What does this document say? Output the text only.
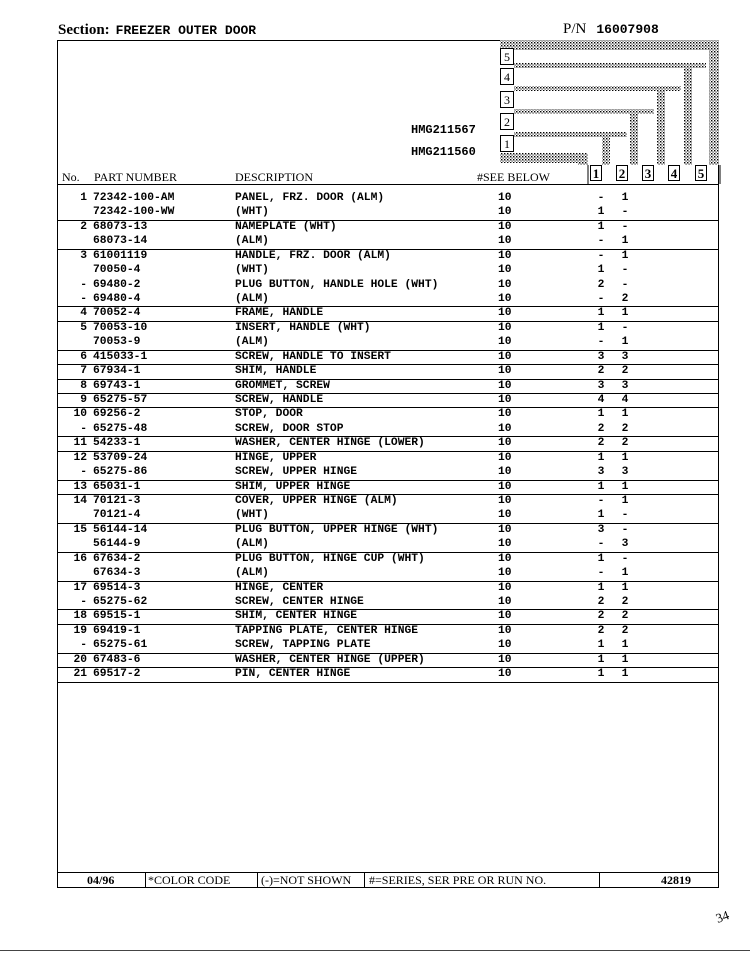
Section: FREEZER OUTER DOOR	P/N 16007908
5
4
3
2
1
HMG211567
HMG211560
1 2 3 4 5
No. PART NUMBER	DESCRIPTION	#SEE BELOW
1 72342-100-AM	PANEL, FRZ. DOOR (ALM)	10	- 1
72342-100-WW	(WHT)	10	1 -
2 68073-13	NAMEPLATE (WHT)	10	1 -
68073-14	(ALM)	10	- 1
3 61001119	HANDLE, FRZ. DOOR (ALM)	10	- 1
70050-4	(WHT)	10	1 -
- 69480-2	PLUG BUTTON, HANDLE HOLE (WHT)	10	2 -
- 69480-4	(ALM)	10	- 2
4 70052-4	FRAME, HANDLE	10	1 1
5 70053-10	INSERT, HANDLE (WHT)	10	1 -
70053-9	(ALM)	10	- 1
6 415033-1	SCREW, HANDLE TO INSERT	10	3 3
7 67934-1	SHIM, HANDLE	10	2 2
8 69743-1	GROMMET, SCREW	10	3 3
9 65275-57	SCREW, HANDLE	10	4 4
10 69256-2	STOP, DOOR	10	1 1
- 65275-48	SCREW, DOOR STOP	10	2 2
11 54233-1	WASHER, CENTER HINGE (LOWER)	10	2 2
12 53709-24	HINGE, UPPER	10	1 1
- 65275-86	SCREW, UPPER HINGE	10	3 3
13 65031-1	SHIM, UPPER HINGE	10	1 1
14 70121-3	COVER, UPPER HINGE (ALM)	10	- 1
70121-4	(WHT)	10	1 -
15 56144-14	PLUG BUTTON, UPPER HINGE (WHT)	10	3 -
56144-9	(ALM)	10	- 3
16 67634-2	PLUG BUTTON, HINGE CUP (WHT)	10	1 -
67634-3	(ALM)	10	- 1
17 69514-3	HINGE, CENTER	10	1 1
- 65275-62	SCREW, CENTER HINGE	10	2 2
18 69515-1	SHIM, CENTER HINGE	10	2 2
19 69419-1	TAPPING PLATE, CENTER HINGE	10	2 2
- 65275-61	SCREW, TAPPING PLATE	10	1 1
20 67483-6	WASHER, CENTER HINGE (UPPER)	10	1 1
21 69517-2	PIN, CENTER HINGE	10	1 1
04/96	*COLOR CODE	(-)=NOT SHOWN #=SERIES, SER PRE OR RUN NO.	42819
34
